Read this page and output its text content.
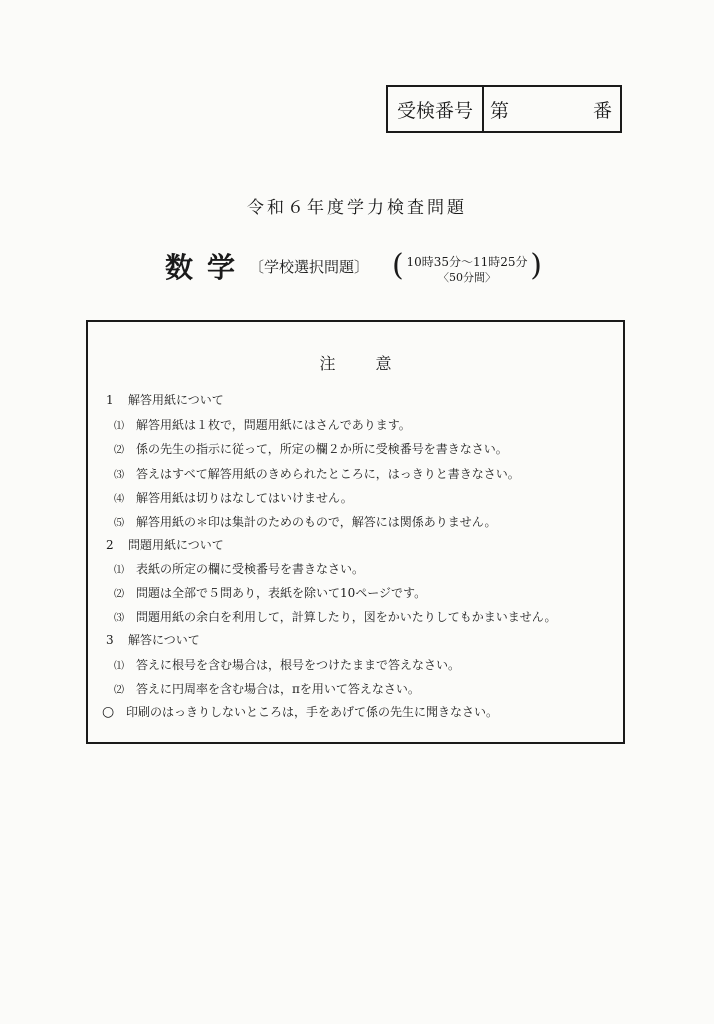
受検番号 第	番
令和６年度学力検査問題
数学 〔学校選択問題〕 ( 10時35分〜11時25分
〈50分間〉	)
注意
1 解答用紙について
⑴ 解答用紙は１枚で，問題用紙にはさんであります。
⑵ 係の先生の指示に従って，所定の欄２か所に受検番号を書きなさい。
⑶ 答えはすべて解答用紙のきめられたところに，はっきりと書きなさい。
⑷ 解答用紙は切りはなしてはいけません。
⑸ 解答用紙の＊印は集計のためのもので，解答には関係ありません。
2 問題用紙について
⑴ 表紙の所定の欄に受検番号を書きなさい。
⑵ 問題は全部で５問あり，表紙を除いて10ページです。
⑶ 問題用紙の余白を利用して，計算したり，図をかいたりしてもかまいません。
3 解答について
⑴ 答えに根号を含む場合は，根号をつけたままで答えなさい。
⑵ 答えに円周率を含む場合は，πを用いて答えなさい。
○ 印刷のはっきりしないところは，手をあげて係の先生に聞きなさい。
